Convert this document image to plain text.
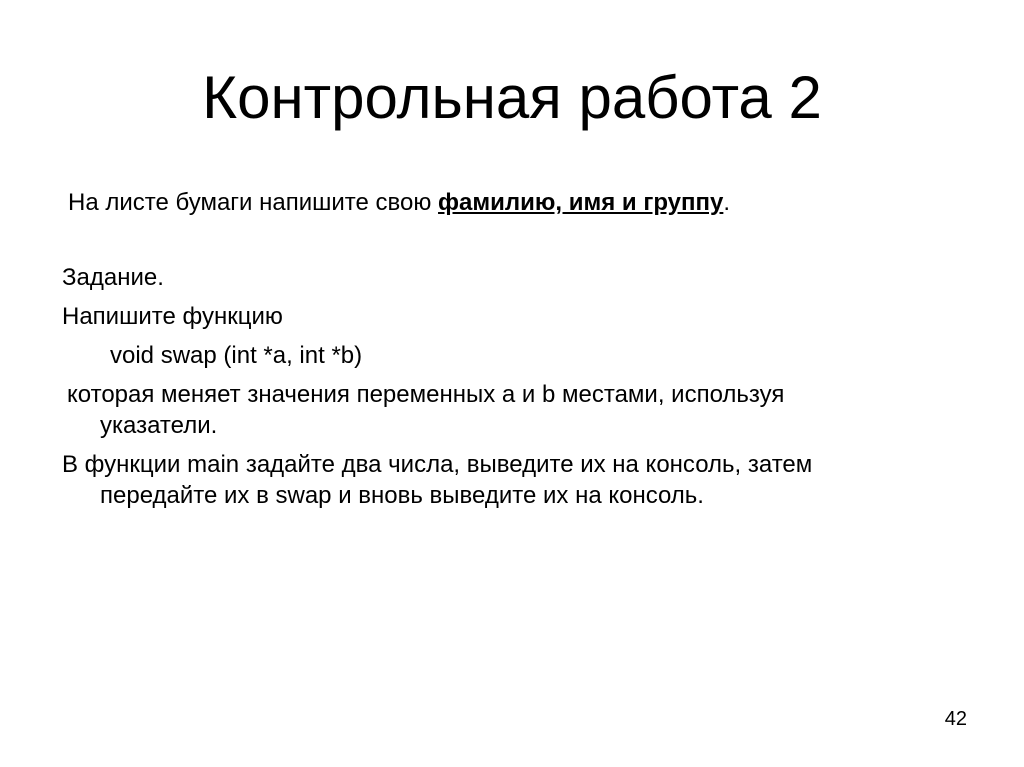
Контрольная работа 2
На листе бумаги напишите свою фамилию, имя и группу.
Задание.
Напишите функцию
void swap (int *a, int *b)
которая меняет значения переменных a и b местами, используя
указатели.
В функции main задайте два числа, выведите их на консоль, затем
передайте их в swap и вновь выведите их на консоль.
42
